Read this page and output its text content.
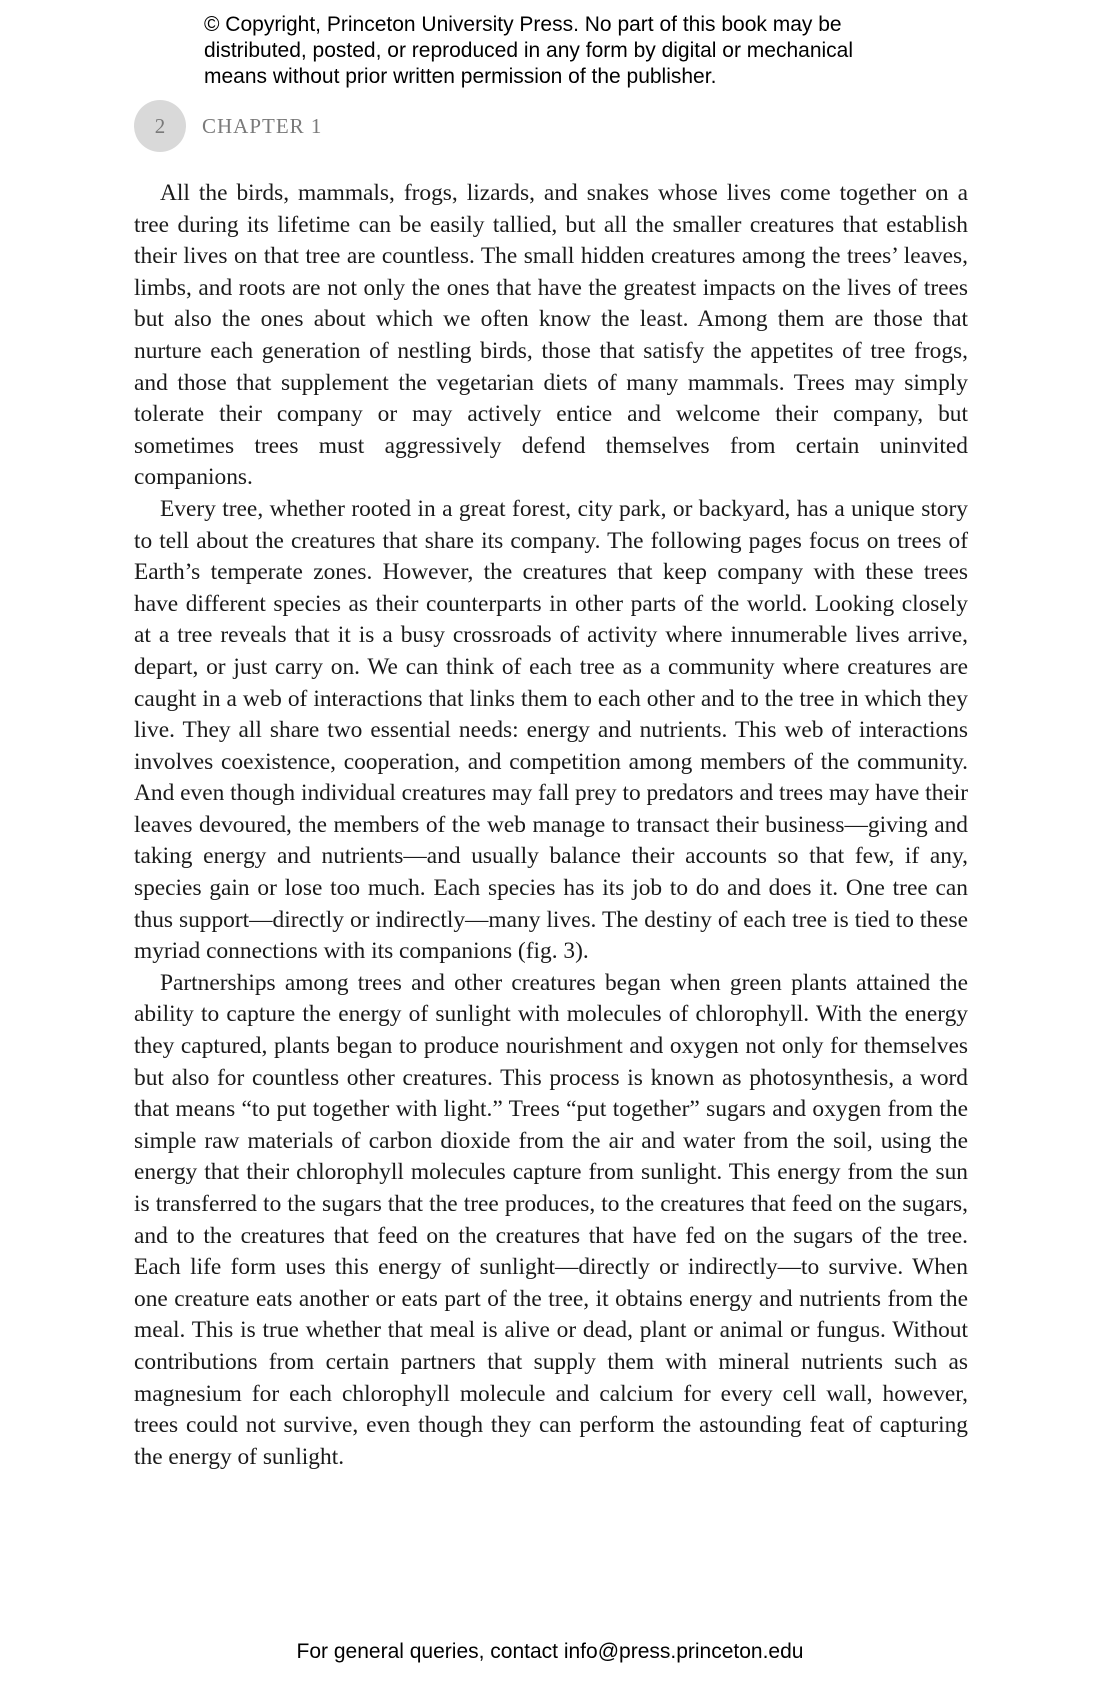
© Copyright, Princeton University Press. No part of this book may be

distributed, posted, or reproduced in any form by digital or mechanical

means without prior written permission of the publisher.

2 CHAPTER 1

All the birds, mammals, frogs, lizards, and snakes whose lives come together on a tree during its lifetime can be easily tallied, but all the smaller creatures that establish their lives on that tree are countless. The small hidden creatures among the trees’ leaves, limbs, and roots are not only the ones that have the greatest impacts on the lives of trees but also the ones about which we often know the least. Among them are those that nurture each generation of nestling birds, those that satisfy the appetites of tree frogs, and those that supplement the vegetarian diets of many mammals. Trees may simply tolerate their company or may actively entice and welcome their company, but sometimes trees must aggressively defend themselves from certain uninvited companions.

Every tree, whether rooted in a great forest, city park, or backyard, has a unique story to tell about the creatures that share its company. The following pages focus on trees of Earth’s temperate zones. However, the creatures that keep company with these trees have different species as their counterparts in other parts of the world. Looking closely at a tree reveals that it is a busy crossroads of activity where innumerable lives arrive, depart, or just carry on. We can think of each tree as a community where creatures are caught in a web of interactions that links them to each other and to the tree in which they live. They all share two essential needs: energy and nutrients. This web of interactions involves coexistence, cooperation, and competition among members of the community. And even though individual creatures may fall prey to predators and trees may have their leaves devoured, the members of the web manage to transact their business—giving and taking energy and nutrients—and usually balance their accounts so that few, if any, species gain or lose too much. Each species has its job to do and does it. One tree can thus support—directly or indirectly—many lives. The destiny of each tree is tied to these myriad connections with its companions (fig. 3).

Partnerships among trees and other creatures began when green plants attained the ability to capture the energy of sunlight with molecules of chlorophyll. With the energy they captured, plants began to produce nourishment and oxygen not only for themselves but also for countless other creatures. This process is known as photosynthesis, a word that means “to put together with light.” Trees “put together” sugars and oxygen from the simple raw materials of carbon dioxide from the air and water from the soil, using the energy that their chlorophyll molecules capture from sunlight. This energy from the sun is transferred to the sugars that the tree produces, to the creatures that feed on the sugars, and to the creatures that feed on the creatures that have fed on the sugars of the tree. Each life form uses this energy of sunlight—directly or indirectly—to survive. When one creature eats another or eats part of the tree, it obtains energy and nutrients from the meal. This is true whether that meal is alive or dead, plant or animal or fungus. Without contributions from certain partners that supply them with mineral nutrients such as magnesium for each chlorophyll molecule and calcium for every cell wall, however, trees could not survive, even though they can perform the astounding feat of capturing the energy of sunlight.

For general queries, contact info@press.princeton.edu
